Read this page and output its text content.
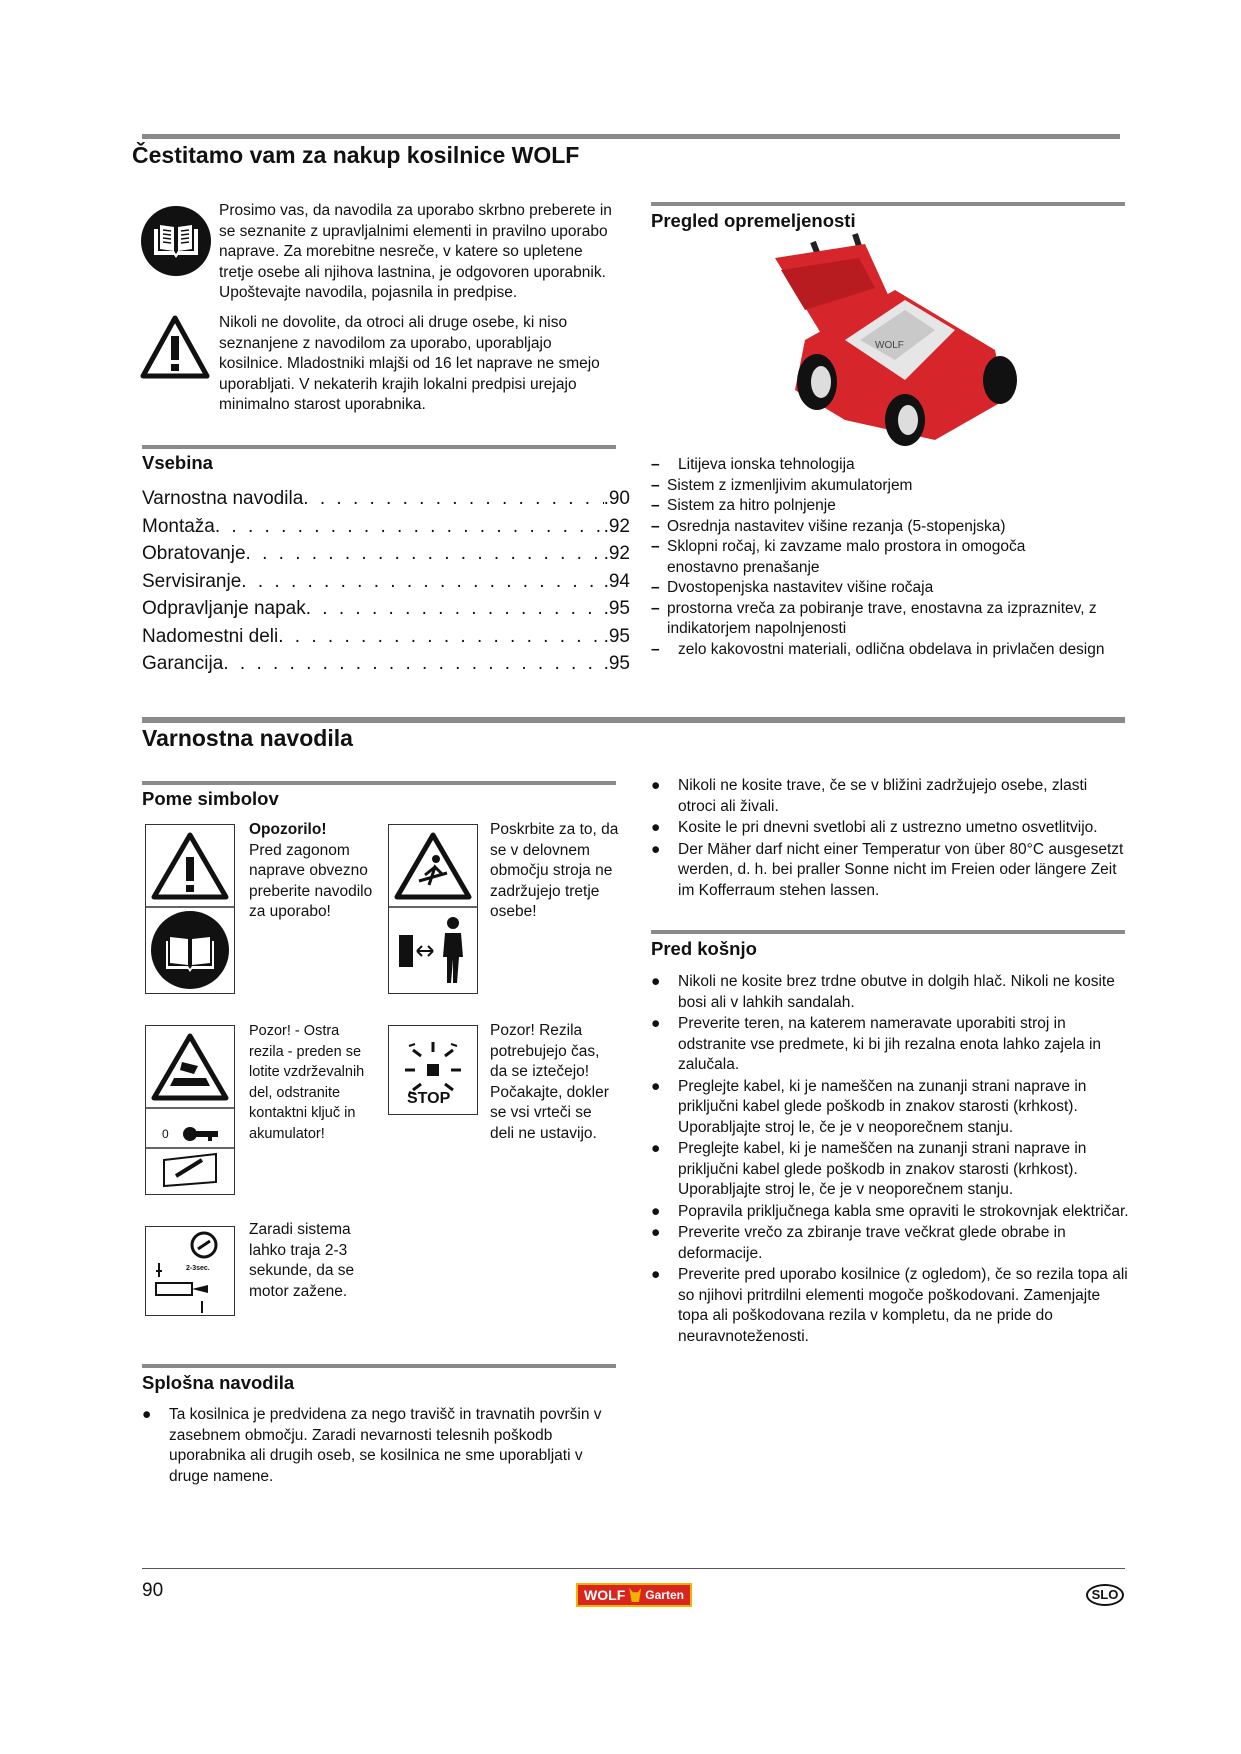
Čestitamo vam za nakup kosilnice WOLF
Prosimo vas, da navodila za uporabo skrbno preberete in se seznanite z upravljalnimi elementi in pravilno uporabo naprave. Za morebitne nesreče, v katere so upletene tretje osebe ali njihova lastnina, je odgovoren uporabnik. Upoštevajte navodila, pojasnila in predpise.
Nikoli ne dovolite, da otroci ali druge osebe, ki niso seznanjene z navodilom za uporabo, uporabljajo kosilnice. Mladostniki mlajši od 16 let naprave ne smejo uporabljati. V nekaterih krajih lokalni predpisi urejajo minimalno starost uporabnika.
Vsebina
Varnostna navodila . . .	.90
Montaža . . .	.92
Obratovanje . . .	.92
Servisiranje . . .	.94
Odpravljanje napak . . .	.95
Nadomestni deli . . .	.95
Garancija . . .	.95
Pregled opremeljenosti
WOLF
– Litijeva ionska tehnologija
– Sistem z izmenljivim akumulatorjem
– Sistem za hitro polnjenje
– Osrednja nastavitev višine rezanja (5-stopenjska)
– Sklopni ročaj, ki zavzame malo prostora in omogoča enostavno prenašanje
– Dvostopenjska nastavitev višine ročaja
– prostorna vreča za pobiranje trave, enostavna za izpraznitev, z indikatorjem napolnjenosti
– zelo kakovostni materiali, odlična obdelava in privlačen design
Varnostna navodila
Pome simbolov
Opozorilo!
Pred zagonom naprave obvezno preberite navodilo za uporabo!
Poskrbite za to, da se v delovnem območju stroja ne zadržujejo tretje osebe!
0
Pozor! - Ostra rezila - preden se lotite vzdrževalnih del, odstranite kontaktni ključ in akumulator!
STOP
Pozor! Rezila potrebujejo čas, da se iztečejo! Počakajte, dokler se vsi vrteči se deli ne ustavijo.
2-3sec.
Zaradi sistema lahko traja 2-3 sekunde, da se motor zažene.
Splošna navodila
● Ta kosilnica je predvidena za nego travišč in travnatih površin v zasebnem območju. Zaradi nevarnosti telesnih poškodb uporabnika ali drugih oseb, se kosilnica ne sme uporabljati v druge namene.
● Nikoli ne kosite trave, če se v bližini zadržujejo osebe, zlasti otroci ali živali.
● Kosite le pri dnevni svetlobi ali z ustrezno umetno osvetlitvijo.
● Der Mäher darf nicht einer Temperatur von über 80°C ausgesetzt werden, d. h. bei praller Sonne nicht im Freien oder längere Zeit im Kofferraum stehen lassen.
Pred košnjo
● Nikoli ne kosite brez trdne obutve in dolgih hlač. Nikoli ne kosite bosi ali v lahkih sandalah.
● Preverite teren, na katerem nameravate uporabiti stroj in odstranite vse predmete, ki bi jih rezalna enota lahko zajela in zalučala.
● Preglejte kabel, ki je nameščen na zunanji strani naprave in priključni kabel glede poškodb in znakov starosti (krhkost). Uporabljajte stroj le, če je v neoporečnem stanju.
● Preglejte kabel, ki je nameščen na zunanji strani naprave in priključni kabel glede poškodb in znakov starosti (krhkost). Uporabljajte stroj le, če je v neoporečnem stanju.
● Popravila priključnega kabla sme opraviti le strokovnjak električar.
● Preverite vrečo za zbiranje trave večkrat glede obrabe in deformacije.
● Preverite pred uporabo kosilnice (z ogledom), če so rezila topa ali so njihovi pritrdilni elementi mogoče poškodovani. Zamenjajte topa ali poškodovana rezila v kompletu, da ne pride do neuravnoteženosti.
90	WOLF Garten	SLO
